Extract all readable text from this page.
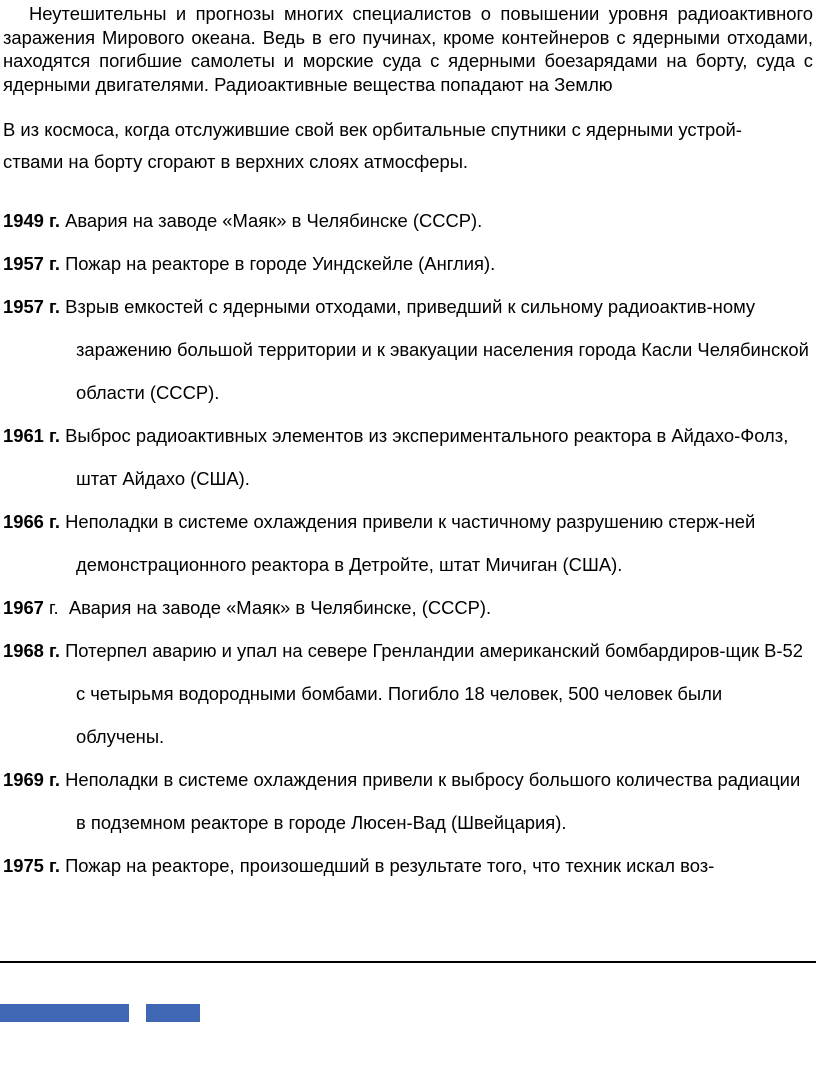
Неутешительны и прогнозы многих специалистов о повышении уровня радиоактивного заражения Мирового океана. Ведь в его пучинах, кроме контейнеров с ядерными отходами, находятся погибшие самолеты и морские суда с ядерными боезарядами на борту, суда с ядерными двигателями. Радиоактивные вещества попадают на Землю

В из космоса, когда отслужившие свой век орбитальные спутники с ядерными устрой-ствами на борту сгорают в верхних слоях атмосферы.

1949 г. Авария на заводе «Маяк» в Челябинске (СССР).
1957 г. Пожар на реакторе в городе Уиндскейле (Англия).
1957 г. Взрыв емкостей с ядерными отходами, приведший к сильному радиоактив-ному заражению большой территории и к эвакуации населения города Касли Челябинской области (СССР).
1961 г. Выброс радиоактивных элементов из экспериментального реактора в Айдахо-Фолз, штат Айдахо (США).
1966 г. Неполадки в системе охлаждения привели к частичному разрушению стерж-ней демонстрационного реактора в Детройте, штат Мичиган (США).
1967 г.  Авария на заводе «Маяк» в Челябинске, (СССР).
1968 г. Потерпел аварию и упал на севере Гренландии американский бомбардиров-щик В-52 с четырьмя водородными бомбами. Погибло 18 человек, 500 человек были облучены.
1969 г. Неполадки в системе охлаждения привели к выбросу большого количества радиации в подземном реакторе в городе Люсен-Вад (Швейцария).
1975 г. Пожар на реакторе, произошедший в результате того, что техник искал воз-
